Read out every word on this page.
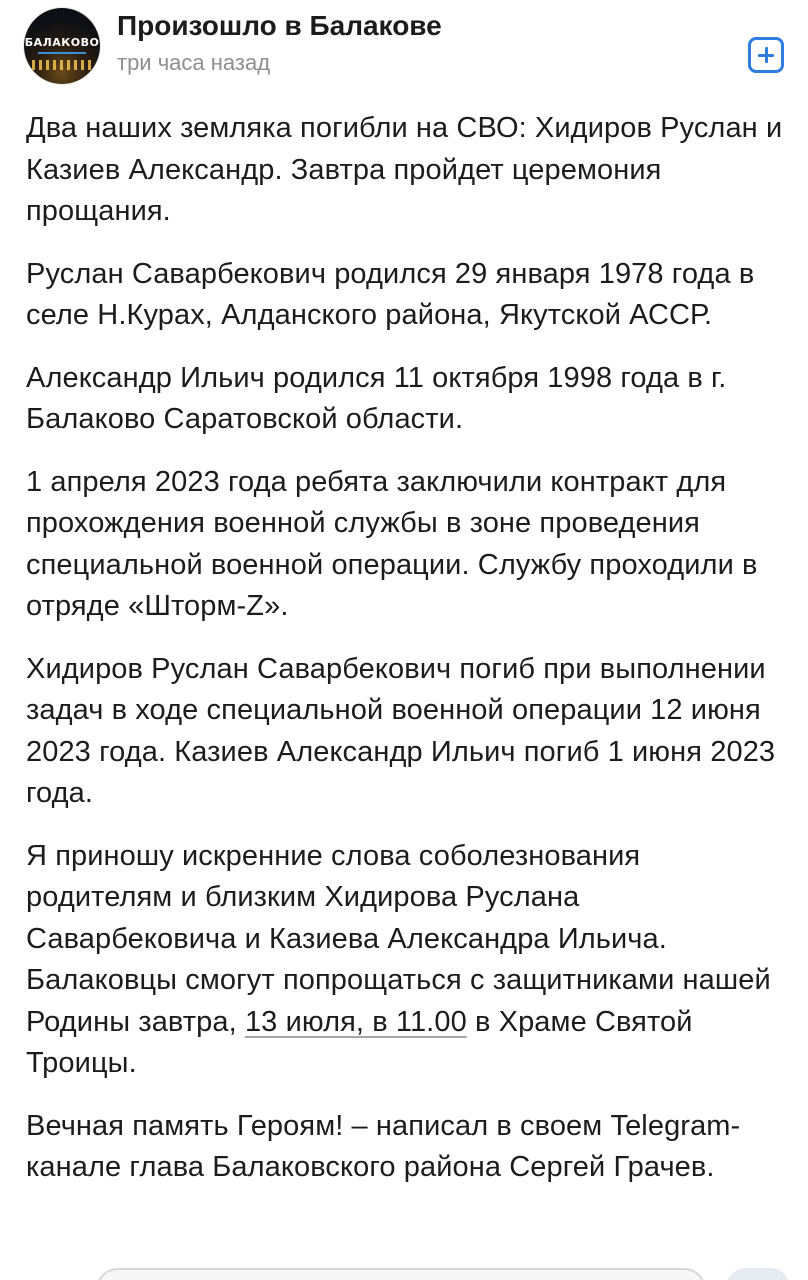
БАЛАКОВО
Произошло в Балакове
три часа назад

Два наших земляка погибли на СВО: Хидиров Руслан и Казиев Александр. Завтра пройдет церемония прощания.

Руслан Саварбекович родился 29 января 1978 года в селе Н.Курах, Алданского района, Якутской АССР.

Александр Ильич родился 11 октября 1998 года в г. Балаково Саратовской области.

1 апреля 2023 года ребята заключили контракт для прохождения военной службы в зоне проведения специальной военной операции. Службу проходили в отряде «Шторм-Z».

Хидиров Руслан Саварбекович погиб при выполнении задач в ходе специальной военной операции 12 июня 2023 года. Казиев Александр Ильич погиб 1 июня 2023 года.

Я приношу искренние слова соболезнования родителям и близким Хидирова Руслана Саварбековича и Казиева Александра Ильича. Балаковцы смогут попрощаться с защитниками нашей Родины завтра, 13 июля, в 11.00 в Храме Святой Троицы.

Вечная память Героям! – написал в своем Telegram-канале глава Балаковского района Сергей Грачев.
